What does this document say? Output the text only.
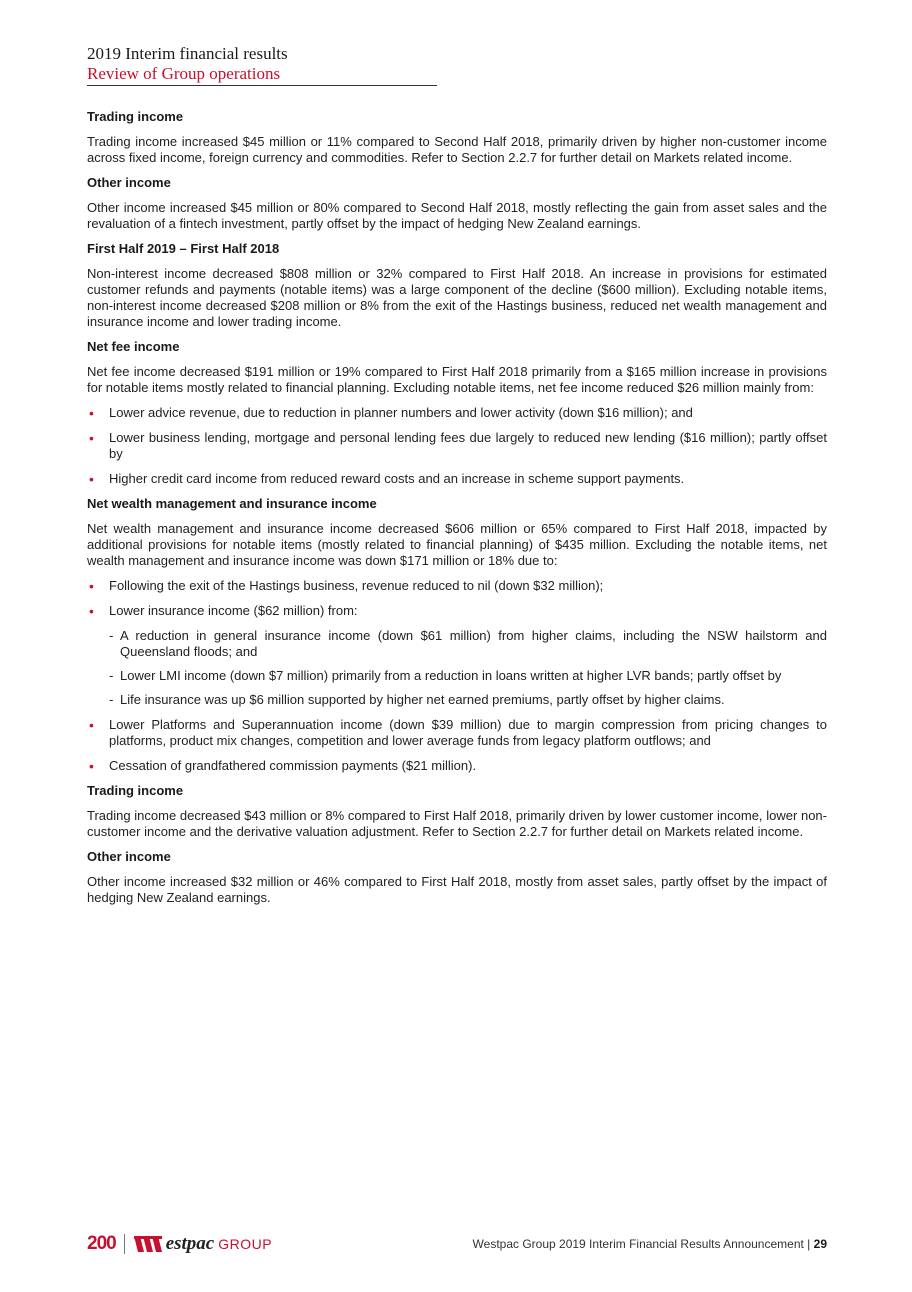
2019 Interim financial results
Review of Group operations
Trading income

Trading income increased $45 million or 11% compared to Second Half 2018, primarily driven by higher non-customer income across fixed income, foreign currency and commodities. Refer to Section 2.2.7 for further detail on Markets related income.

Other income

Other income increased $45 million or 80% compared to Second Half 2018, mostly reflecting the gain from asset sales and the revaluation of a fintech investment, partly offset by the impact of hedging New Zealand earnings.

First Half 2019 – First Half 2018

Non-interest income decreased $808 million or 32% compared to First Half 2018. An increase in provisions for estimated customer refunds and payments (notable items) was a large component of the decline ($600 million). Excluding notable items, non-interest income decreased $208 million or 8% from the exit of the Hastings business, reduced net wealth management and insurance income and lower trading income.

Net fee income

Net fee income decreased $191 million or 19% compared to First Half 2018 primarily from a $165 million increase in provisions for notable items mostly related to financial planning. Excluding notable items, net fee income reduced $26 million mainly from:

• Lower advice revenue, due to reduction in planner numbers and lower activity (down $16 million); and
• Lower business lending, mortgage and personal lending fees due largely to reduced new lending ($16 million); partly offset by
• Higher credit card income from reduced reward costs and an increase in scheme support payments.
Net wealth management and insurance income

Net wealth management and insurance income decreased $606 million or 65% compared to First Half 2018, impacted by additional provisions for notable items (mostly related to financial planning) of $435 million. Excluding the notable items, net wealth management and insurance income was down $171 million or 18% due to:

• Following the exit of the Hastings business, revenue reduced to nil (down $32 million);
• Lower insurance income ($62 million) from:
- A reduction in general insurance income (down $61 million) from higher claims, including the NSW hailstorm and Queensland floods; and
- Lower LMI income (down $7 million) primarily from a reduction in loans written at higher LVR bands; partly offset by
- Life insurance was up $6 million supported by higher net earned premiums, partly offset by higher claims.
• Lower Platforms and Superannuation income (down $39 million) due to margin compression from pricing changes to platforms, product mix changes, competition and lower average funds from legacy platform outflows; and
• Cessation of grandfathered commission payments ($21 million).
Trading income

Trading income decreased $43 million or 8% compared to First Half 2018, primarily driven by lower customer income, lower non-customer income and the derivative valuation adjustment. Refer to Section 2.2.7 for further detail on Markets related income.

Other income

Other income increased $32 million or 46% compared to First Half 2018, mostly from asset sales, partly offset by the impact of hedging New Zealand earnings.

200	estpac GROUP	Westpac Group 2019 Interim Financial Results Announcement | 29
